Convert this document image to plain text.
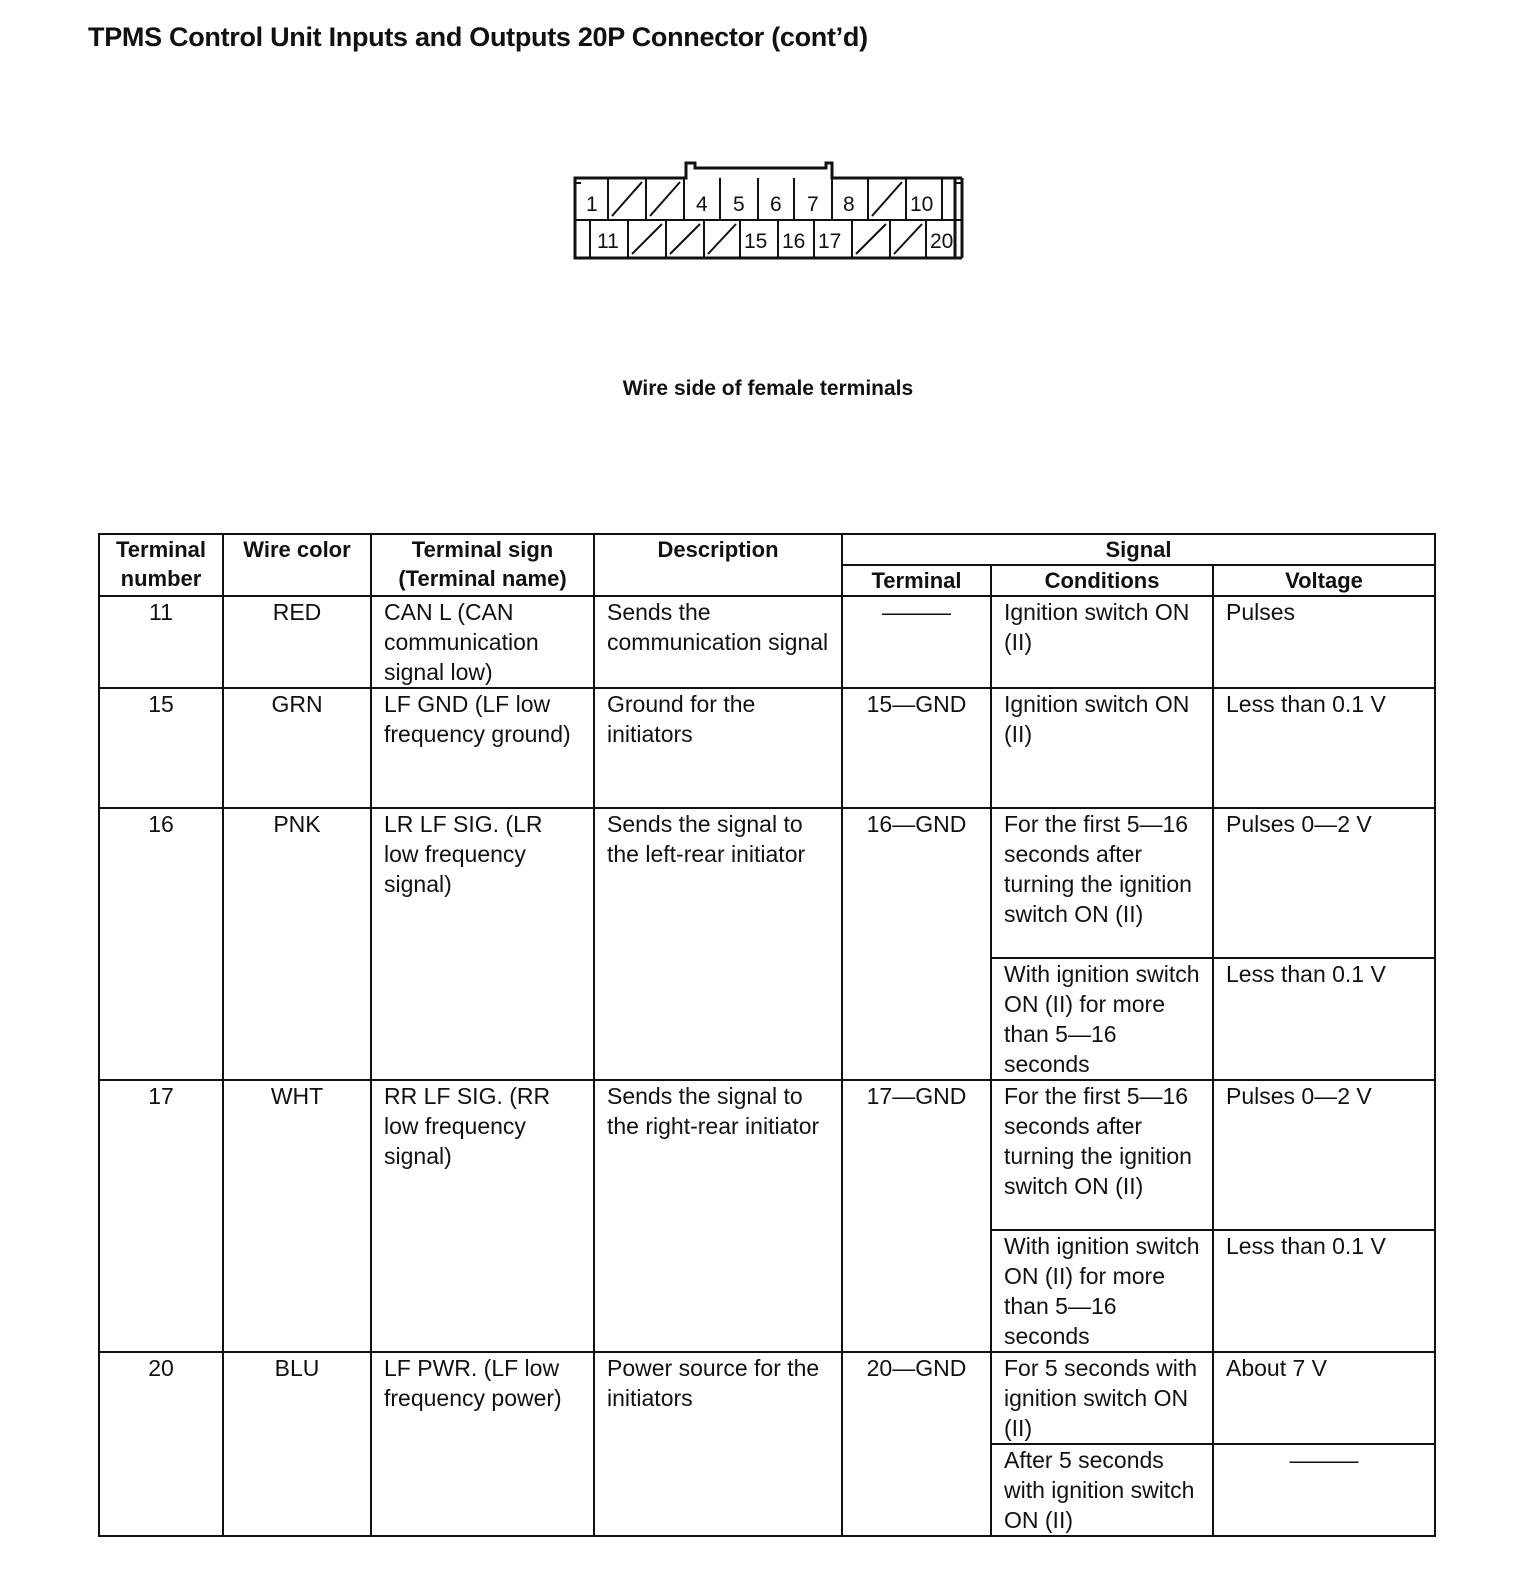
TPMS Control Unit Inputs and Outputs 20P Connector (cont’d)
1	4 5 6 7 8	10
11	15 16 17	20
Wire side of female terminals
Terminal number	Wire color	Terminal sign (Terminal name)	Description	Signal		
				Terminal	Conditions	Voltage
11	RED	CAN L (CAN communication signal low)	Sends the communication signal	———	Ignition switch ON (II)	Pulses
15	GRN	LF GND (LF low frequency ground)	Ground for the initiators	15—GND	Ignition switch ON (II)	Less than 0.1 V
16	PNK	LR LF SIG. (LR low frequency signal)	Sends the signal to the left-rear initiator	16—GND	For the first 5—16 seconds after turning the ignition switch ON (II)	Pulses 0—2 V
					With ignition switch ON (II) for more than 5—16 seconds	Less than 0.1 V
17	WHT	RR LF SIG. (RR low frequency signal)	Sends the signal to the right-rear initiator	17—GND	For the first 5—16 seconds after turning the ignition switch ON (II)	Pulses 0—2 V
					With ignition switch ON (II) for more than 5—16 seconds	Less than 0.1 V
20	BLU	LF PWR. (LF low frequency power)	Power source for the initiators	20—GND	For 5 seconds with ignition switch ON (II)	About 7 V
					After 5 seconds with ignition switch ON (II)	———
